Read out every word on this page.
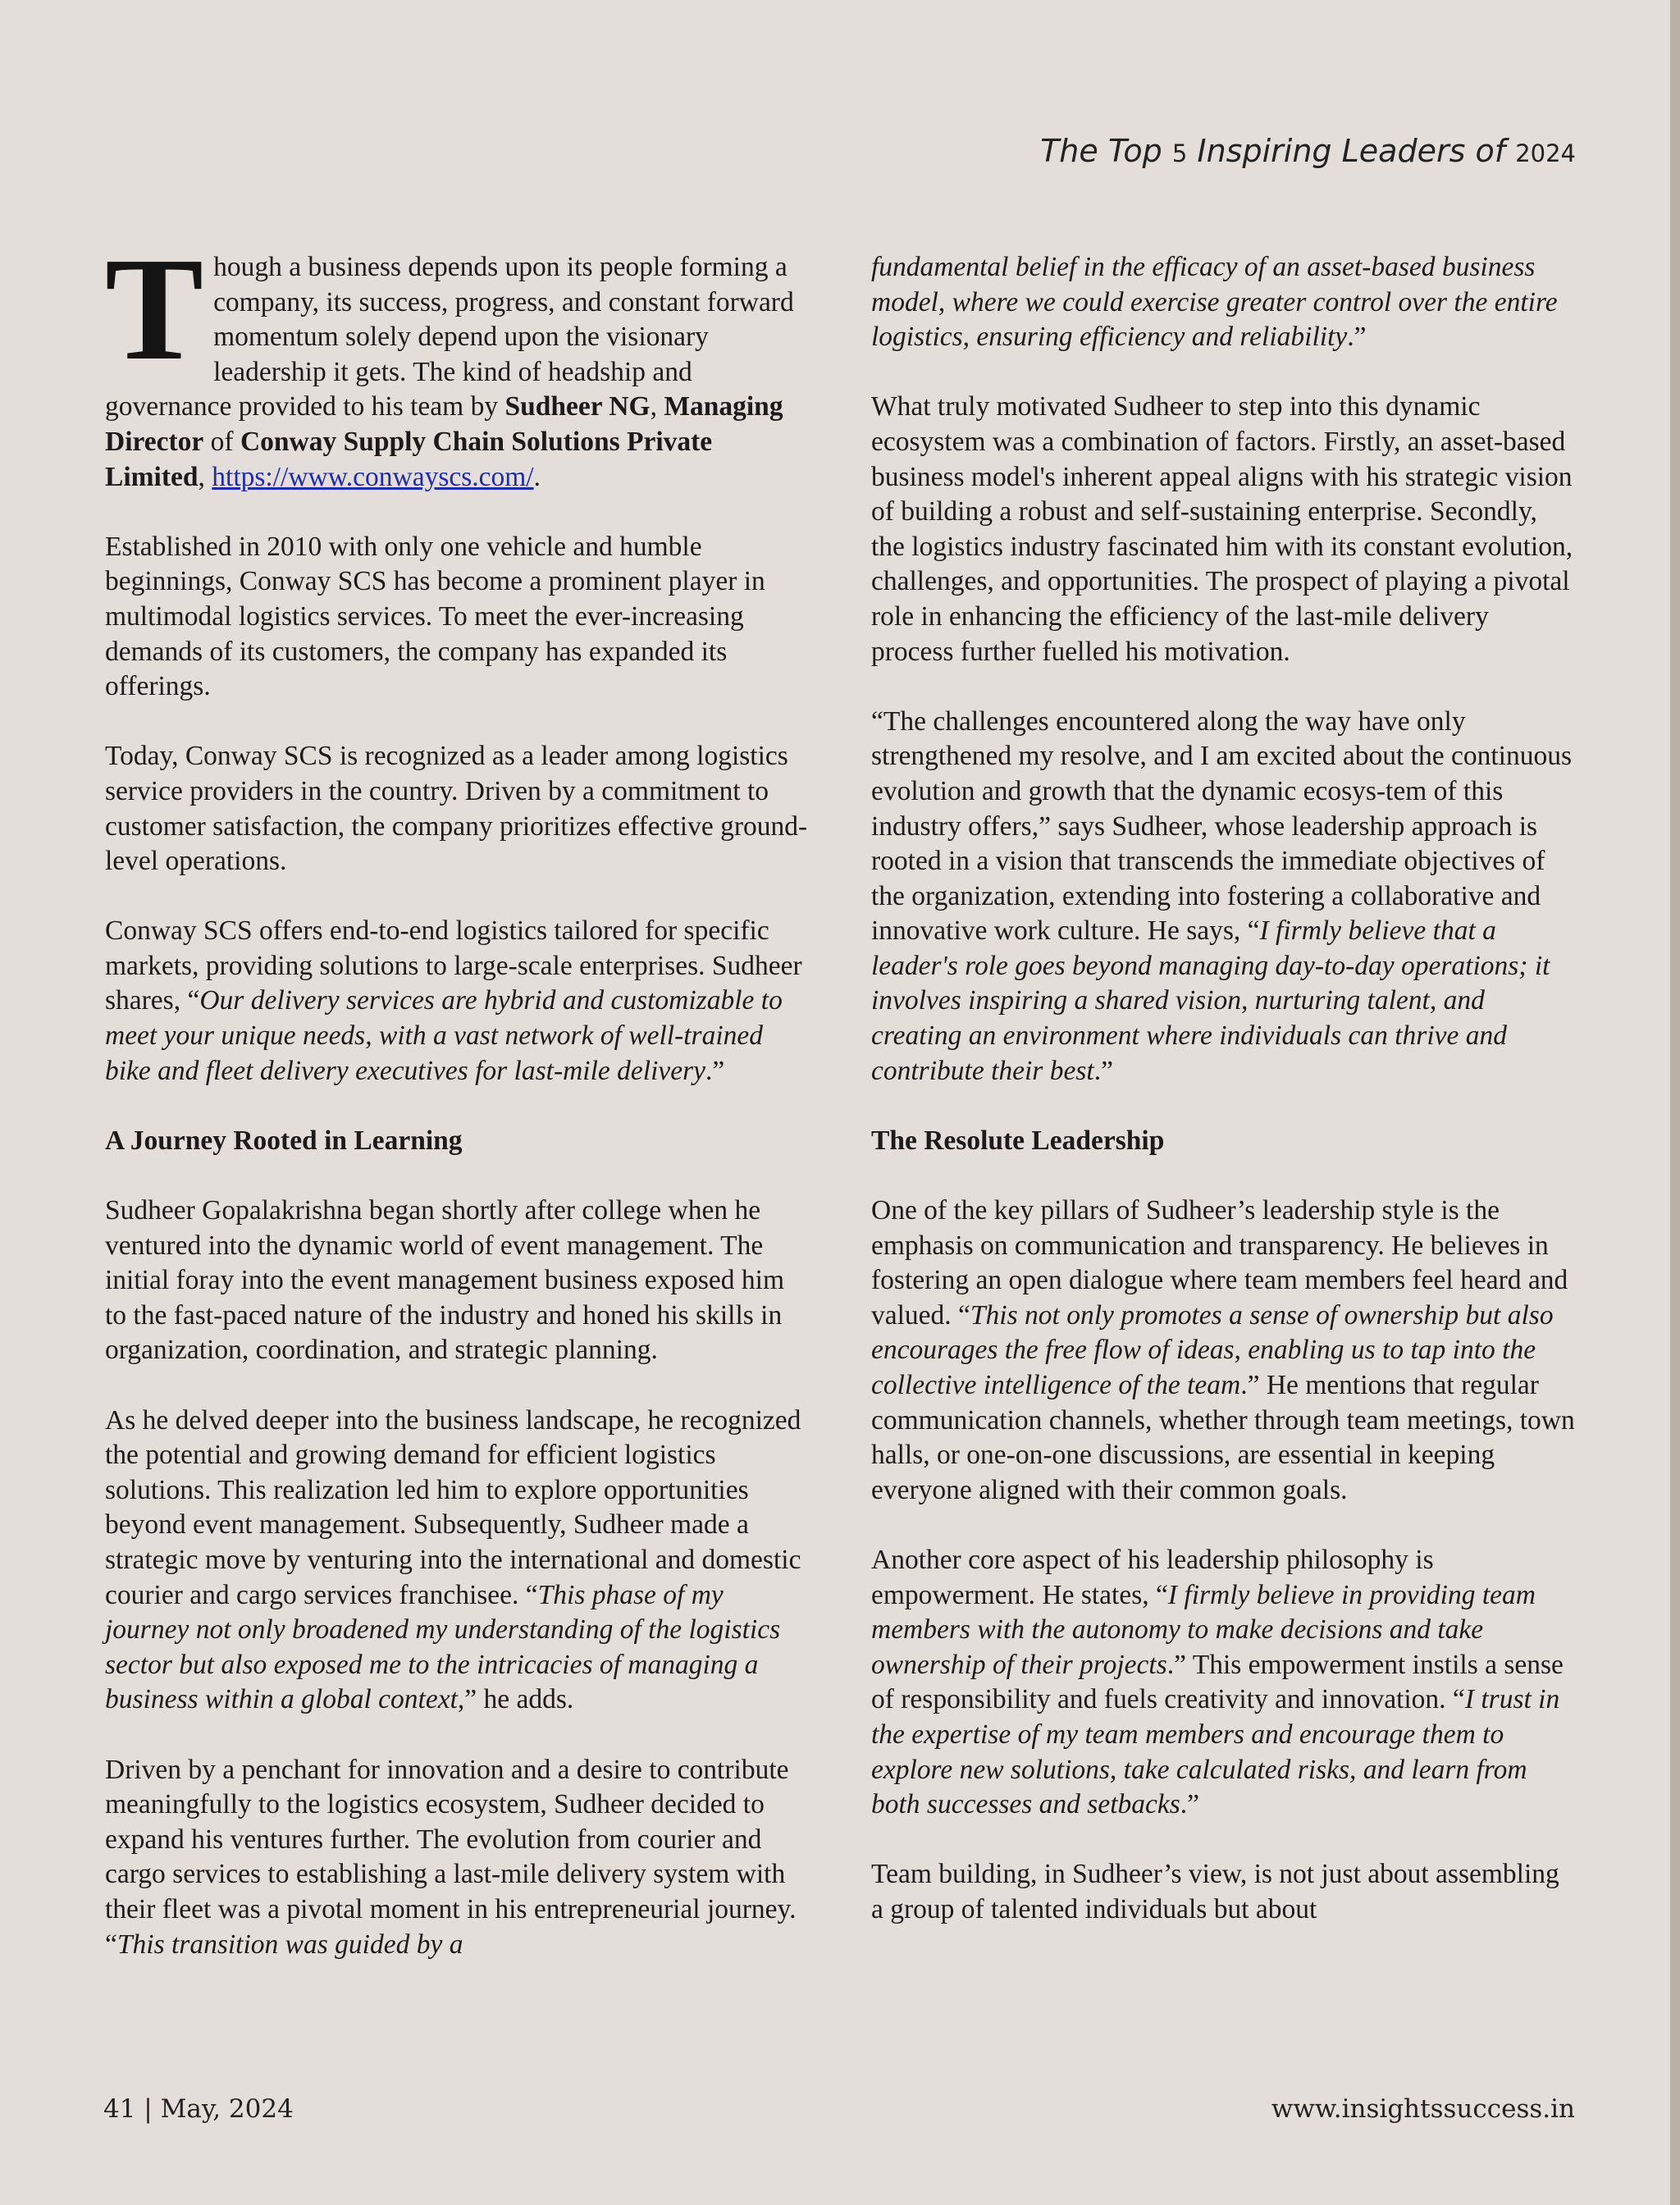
The Top 5 Inspiring Leaders of 2024

Though a business depends upon its people forming a company, its success, progress, and constant forward momentum solely depend upon the visionary leadership it gets. The kind of headship and governance provided to his team by Sudheer NG, Managing Director of Conway Supply Chain Solutions Private Limited, https://www.conwayscs.com/.

Established in 2010 with only one vehicle and humble beginnings, Conway SCS has become a prominent player in multimodal logistics services. To meet the ever-increasing demands of its customers, the company has expanded its offerings.

Today, Conway SCS is recognized as a leader among logistics service providers in the country. Driven by a commitment to customer satisfaction, the company prioritizes effective ground-level operations.

Conway SCS offers end-to-end logistics tailored for specific markets, providing solutions to large-scale enterprises. Sudheer shares, “Our delivery services are hybrid and customizable to meet your unique needs, with a vast network of well-trained bike and fleet delivery executives for last-mile delivery.”

A Journey Rooted in Learning

Sudheer Gopalakrishna began shortly after college when he ventured into the dynamic world of event management. The initial foray into the event management business exposed him to the fast-paced nature of the industry and honed his skills in organization, coordination, and strategic planning.

As he delved deeper into the business landscape, he recognized the potential and growing demand for efficient logistics solutions. This realization led him to explore opportunities beyond event management. Subsequently, Sudheer made a strategic move by venturing into the international and domestic courier and cargo services franchisee. “This phase of my journey not only broadened my understanding of the logistics sector but also exposed me to the intricacies of managing a business within a global context,” he adds.

Driven by a penchant for innovation and a desire to contribute meaningfully to the logistics ecosystem, Sudheer decided to expand his ventures further. The evolution from courier and cargo services to establishing a last-mile delivery system with their fleet was a pivotal moment in his entrepreneurial journey. “This transition was guided by a

fundamental belief in the efficacy of an asset-based business model, where we could exercise greater control over the entire logistics, ensuring efficiency and reliability.”

What truly motivated Sudheer to step into this dynamic ecosystem was a combination of factors. Firstly, an asset-based business model's inherent appeal aligns with his strategic vision of building a robust and self-sustaining enterprise. Secondly, the logistics industry fascinated him with its constant evolution, challenges, and opportunities. The prospect of playing a pivotal role in enhancing the efficiency of the last-mile delivery process further fuelled his motivation.

“The challenges encountered along the way have only strengthened my resolve, and I am excited about the continuous evolution and growth that the dynamic ecosys-tem of this industry offers,” says Sudheer, whose leadership approach is rooted in a vision that transcends the immediate objectives of the organization, extending into fostering a collaborative and innovative work culture. He says, “I firmly believe that a leader's role goes beyond managing day-to-day operations; it involves inspiring a shared vision, nurturing talent, and creating an environment where individuals can thrive and contribute their best.”

The Resolute Leadership

One of the key pillars of Sudheer’s leadership style is the emphasis on communication and transparency. He believes in fostering an open dialogue where team members feel heard and valued. “This not only promotes a sense of ownership but also encourages the free flow of ideas, enabling us to tap into the collective intelligence of the team.” He mentions that regular communication channels, whether through team meetings, town halls, or one-on-one discussions, are essential in keeping everyone aligned with their common goals.

Another core aspect of his leadership philosophy is empowerment. He states, “I firmly believe in providing team members with the autonomy to make decisions and take ownership of their projects.” This empowerment instils a sense of responsibility and fuels creativity and innovation. “I trust in the expertise of my team members and encourage them to explore new solutions, take calculated risks, and learn from both successes and setbacks.”

Team building, in Sudheer’s view, is not just about assembling a group of talented individuals but about

41 | May, 2024	www.insightssuccess.in
